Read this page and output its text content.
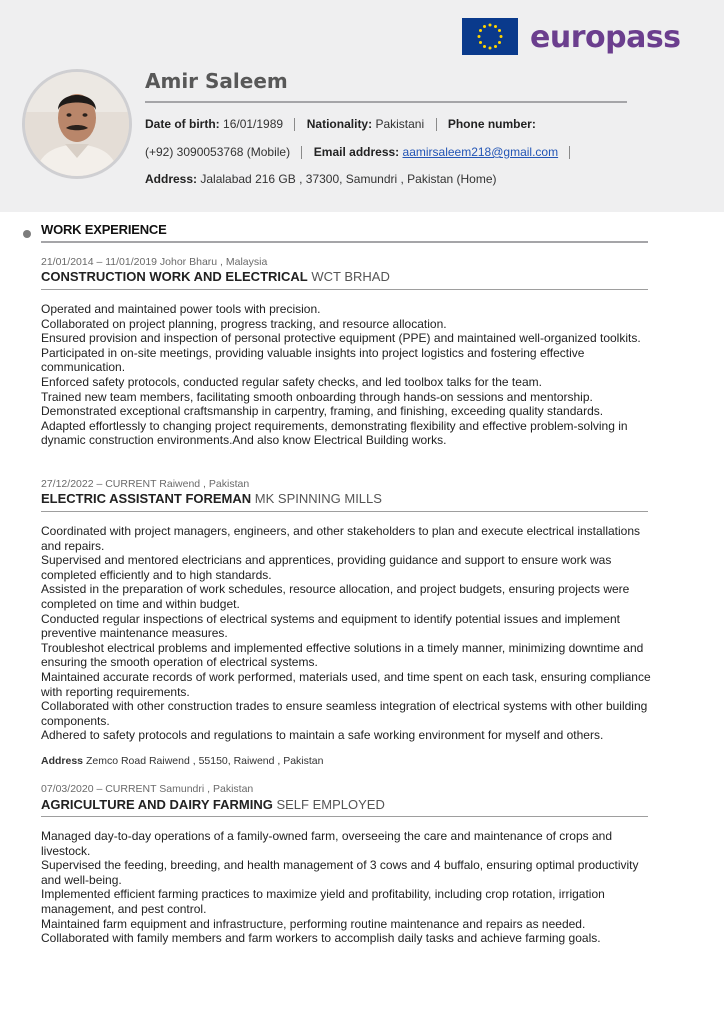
europass
Amir Saleem
Date of birth: 16/01/1989 Nationality: Pakistani Phone number:
(+92) 3090053768 (Mobile) Email address: aamirsaleem218@gmail.com
Address: Jalalabad 216 GB , 37300, Samundri , Pakistan (Home)
WORK EXPERIENCE
21/01/2014 – 11/01/2019 Johor Bharu , Malaysia
CONSTRUCTION WORK AND ELECTRICAL WCT BRHAD
Operated and maintained power tools with precision.
Collaborated on project planning, progress tracking, and resource allocation.
Ensured provision and inspection of personal protective equipment (PPE) and maintained well-organized toolkits.
Participated in on-site meetings, providing valuable insights into project logistics and fostering effective communication.
Enforced safety protocols, conducted regular safety checks, and led toolbox talks for the team.
Trained new team members, facilitating smooth onboarding through hands-on sessions and mentorship.
Demonstrated exceptional craftsmanship in carpentry, framing, and finishing, exceeding quality standards.
Adapted effortlessly to changing project requirements, demonstrating flexibility and effective problem-solving in dynamic construction environments.And also know Electrical Building works.
27/12/2022 – CURRENT Raiwend , Pakistan
ELECTRIC ASSISTANT FOREMAN MK SPINNING MILLS
Coordinated with project managers, engineers, and other stakeholders to plan and execute electrical installations and repairs.
Supervised and mentored electricians and apprentices, providing guidance and support to ensure work was completed efficiently and to high standards.
Assisted in the preparation of work schedules, resource allocation, and project budgets, ensuring projects were completed on time and within budget.
Conducted regular inspections of electrical systems and equipment to identify potential issues and implement preventive maintenance measures.
Troubleshot electrical problems and implemented effective solutions in a timely manner, minimizing downtime and ensuring the smooth operation of electrical systems.
Maintained accurate records of work performed, materials used, and time spent on each task, ensuring compliance with reporting requirements.
Collaborated with other construction trades to ensure seamless integration of electrical systems with other building components.
Adhered to safety protocols and regulations to maintain a safe working environment for myself and others.
Address Zemco Road Raiwend , 55150, Raiwend , Pakistan
07/03/2020 – CURRENT Samundri , Pakistan
AGRICULTURE AND DAIRY FARMING SELF EMPLOYED
Managed day-to-day operations of a family-owned farm, overseeing the care and maintenance of crops and livestock.
Supervised the feeding, breeding, and health management of 3 cows and 4 buffalo, ensuring optimal productivity and well-being.
Implemented efficient farming practices to maximize yield and profitability, including crop rotation, irrigation management, and pest control.
Maintained farm equipment and infrastructure, performing routine maintenance and repairs as needed.
Collaborated with family members and farm workers to accomplish daily tasks and achieve farming goals.
